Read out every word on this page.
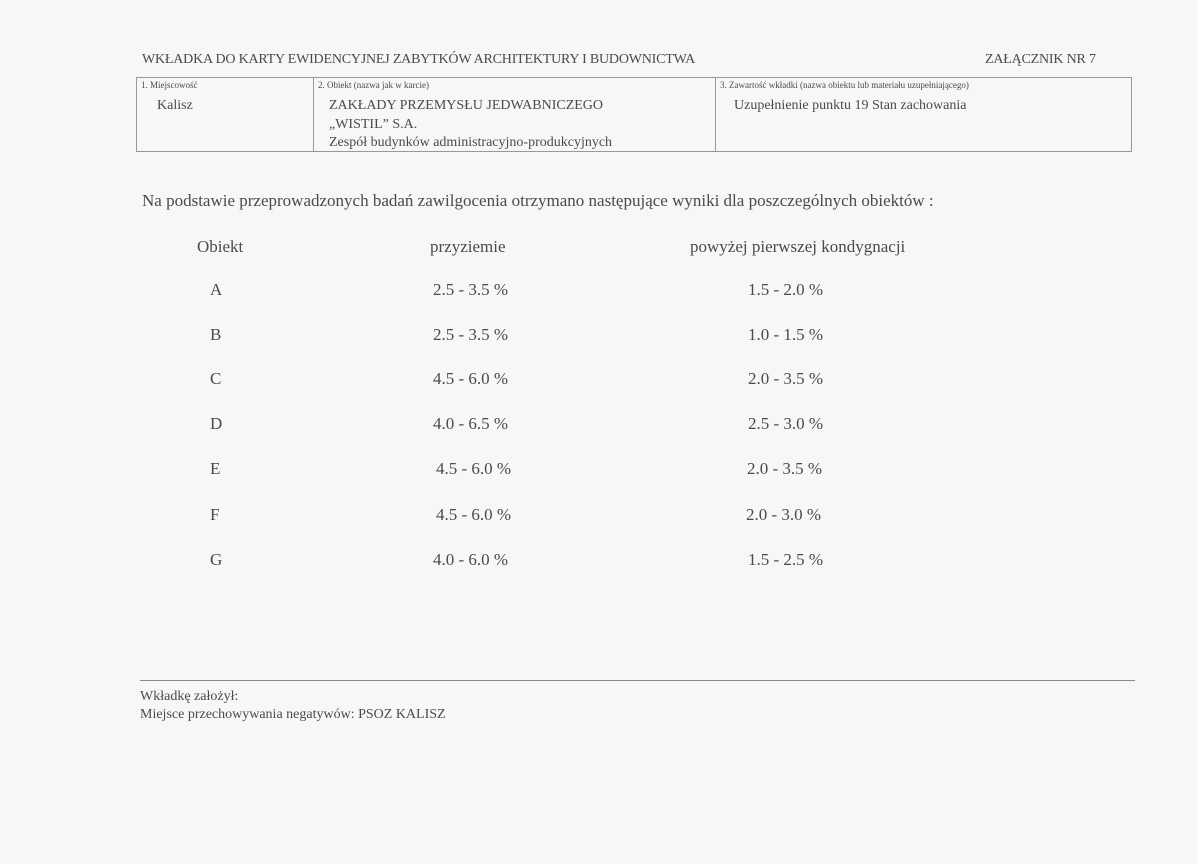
WKŁADKA DO KARTY EWIDENCYJNEJ ZABYTKÓW ARCHITEKTURY I BUDOWNICTWA	ZAŁĄCZNIK NR 7
1. Miejscowość
Kalisz
2. Obiekt (nazwa jak w karcie)
ZAKŁADY PRZEMYSŁU JEDWABNICZEGO
„WISTIL” S.A.
Zespół budynków administracyjno-produkcyjnych
3. Zawartość wkładki (nazwa obiektu lub materiału uzupełniającego)
Uzupełnienie punktu 19 Stan zachowania
Na podstawie przeprowadzonych badań zawilgocenia otrzymano następujące wyniki dla poszczególnych obiektów :
Obiekt	przyziemie	powyżej pierwszej kondygnacji
A	2.5 - 3.5 %	1.5 - 2.0 %
B	2.5 - 3.5 %	1.0 - 1.5 %
C	4.5 - 6.0 %	2.0 - 3.5 %
D	4.0 - 6.5 %	2.5 - 3.0 %
E	4.5 - 6.0 %	2.0 - 3.5 %
F	4.5 - 6.0 %	2.0 - 3.0 %
G	4.0 - 6.0 %	1.5 - 2.5 %
Wkładkę założył:
Miejsce przechowywania negatywów: PSOZ KALISZ
